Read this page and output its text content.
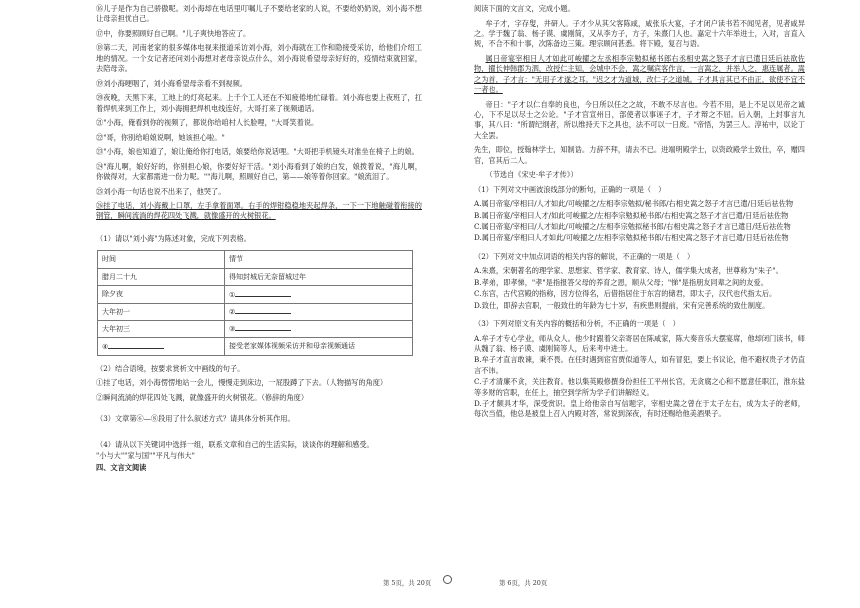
⑯儿子是作为自己骄傲呢。刘小海却在电话里叮嘱儿子不要给老家的人说，不要给奶奶说，刘小海不想让母亲担忧自己。

⑰中，你要照顾好自己啊。"儿子爽快地答应了。

⑱第二天，河南老家的很多媒体电视来报道采访刘小海，刘小海就在工作和隐接受采访，给他们介绍工地的情况。一个女记者还问刘小海想对老母亲说点什么，刘小海说希望母亲好好的，疫情结束就回家，去陪母亲。

⑲刘小海哽咽了，刘小海希望母亲看不到视频。

⑳夜晚，天黑下来，工地上的灯亮起来。上千个工人还在不知疲倦地忙碌着。刘小海也要上夜班了，扛着焊机来到工作上，刘小海拥把焊机电线连好，大哥打来了视频通话。

㉑"小海，俺看到你的视频了，都说你给咱村人长脸哩，"大哥笑着说。

㉒"哥，你别给咱娘说啊，她该担心啦。"

㉓"小海，娘也知道了，娘让俺给你打电话，娘要给你说话哩。"大哥把手机镜头对准坐在椅子上的娘。

㉔"海儿啊，娘好好的，你别担心娘，你要好好干活。"刘小海看到了娘的白发，娘拨着说，"海儿啊，你做得对，大家都需进一份力呢。""海儿啊，照顾好自己，第——娘等着你回家。"娘流泪了。

㉕刘小海一句话也说不出来了，他哭了。

㉖挂了电话，刘小海戴上口罩，左手拿着面罩。右手的焊钳稳稳地夹起焊条，一下一下地触碰着衔接的钢管，瞬间流淌的焊花四处飞溅，就像盛开的火树银花。

（1）请以"刘小海"为陈述对象，完成下列表格。

时间	情节
腊月二十九	得知封城后无奈留城过年
除夕夜	①
大年初一	②
大年初三	③
④	接受老家媒体视频采访并和母亲视频通话

（2）结合语境，按要求赏析文中画线的句子。

①挂了电话，刘小海愣愣地站一会儿，慢慢走到床边，一屁股蹲了下去。（人物描写的角度）

②瞬间流淌的焊花四处飞溅，就像盛开的火树银花。（修辞的角度）

（3）文章第⑥—⑧段用了什么叙述方式？请具体分析其作用。

（4）请从以下关键词中选择一组，联系文章和自己的生活实际，谈谈你的理解和感受。

"小与大""家与国""平凡与伟大"

四、文言文阅读

阅读下面的文言文，完成小题。

牟子才，字存叟，井研人。子才少从其父客陈咸，咸张乐大宴，子才闭户读书若不闻见者，见者咸异之。学于魏了翁、杨子谟、虞刚简，又从李方子，方子，朱熹门人也。嘉定十六年举进士，入对，言直入规，不合不和十事，次陈备边三策。理宗顾问甚悉。将下殿，复召与语。

属日帝宴宰相日人才如此可峻擢之左丞相李宗勉拟秘书郎右丞相史嵩之怒子才言已遣日廷后祛欲佐物，擢长伸韩郡为泗，改授仁主知，会城中不会，嵩之嘱宾客作言，一言嵩之，并举人之，惠连属者。嵩之为首，子才言："无用子才遂之耳。"迟之才为道城，改仁子之道城。子才具言其已不由正，欲使不宜不一者也。

帝日："子才以仁自奉的良也，今日所以任之之故，不敢不尽言也。今若不用，是上不足以见帝之诚心，下不足以尽士之公论。"子才官宣州日，部使者以事诬子才，子才辩之不屈。后入朝，上封事言九事，其八曰："所谓纪纲者，所以维持天下之具也，法不可以一日废。"帝悟，为罢三人。淳祐中，以论丁大全罢。

先生，即位，授翰林学士，知制诰。力辞不拜，请去不已。进端明殿学士，以资政殿学士致仕，卒，赠四官，官其后二人。

（节选自《宋史·牟子才传》）

（1）下列对文中画波浪线部分的断句，正确的一项是（　）

A.属日帝宴/宰相曰/人才如此/可峻擢之/左相李宗勉拟/秘书郎/右相史嵩之怒子才言已遣/日廷后祛佐物

B.属日帝宴/宰相曰人才/如此可峻擢之/左相李宗勉拟秘书郎/右相史嵩之怒子才言已遣/日廷后祛佐物

C.属日帝宴/宰相曰/人才如此/可峻擢之/左相李宗勉拟秘书郎/右相史嵩之怒子才言已遣日/廷后祛佐物

D.属日帝宴/宰相曰人才如此/可峻擢之/左相李宗勉拟秘书郎/右相史嵩之怒子才言已遣/日廷后祛佐物

（2）下列对文中加点词语的相关内容的解说，不正确的一项是（　）

A.朱熹，宋朝著名的理学家、思想家、哲学家、教育家、诗人，儒学集大成者，世尊称为"朱子"。

B.孝弟，即孝悌，"孝"是指报答父母的养育之恩，顺从父母；"悌"是指朋友同辈之间的友爱。

C.东宫，古代宫殿的指称，因方位得名，后借指居住于东宫的储君，即太子，汉代也代指太后。

D.致仕，即辞去官职，一般致仕的年龄为七十岁，有疾患则提前，宋有完善系统的致仕制度。

（3）下列对原文有关内容的概括和分析，不正确的一项是（　）

A.牟子才专心学业，师从众人。他少时跟着父亲寄居在陈咸家，陈大奏音乐大摆宴席，他却闭门读书，师从魏了翁、杨子谟、虞刚简等人，后来考中进士。

B.牟子才直言敢谏，秉不畏。在任时遇到宦官贾似道等人，如有冒犯，要上书议论，他不避权贵子才仍直言不讳。

C.子才清廉不贪，关注教育。他以集英殿修撰身份担任工平州长官，无贪腐之心和不愿意任职江，淮东盐等多财的官职，在任上，抽空到学所为学子们讲解经义。

D.子才颇具才华，深受赏识。皇上给他亲自写信题字，宰相史嵩之曾在于太子左右，成为太子的老师，每次当值，他总是被皇上召入内殿对答，常说到深夜，有时还赐给他美酒果子。

第 5页，共 20页	第 6页，共 20页
